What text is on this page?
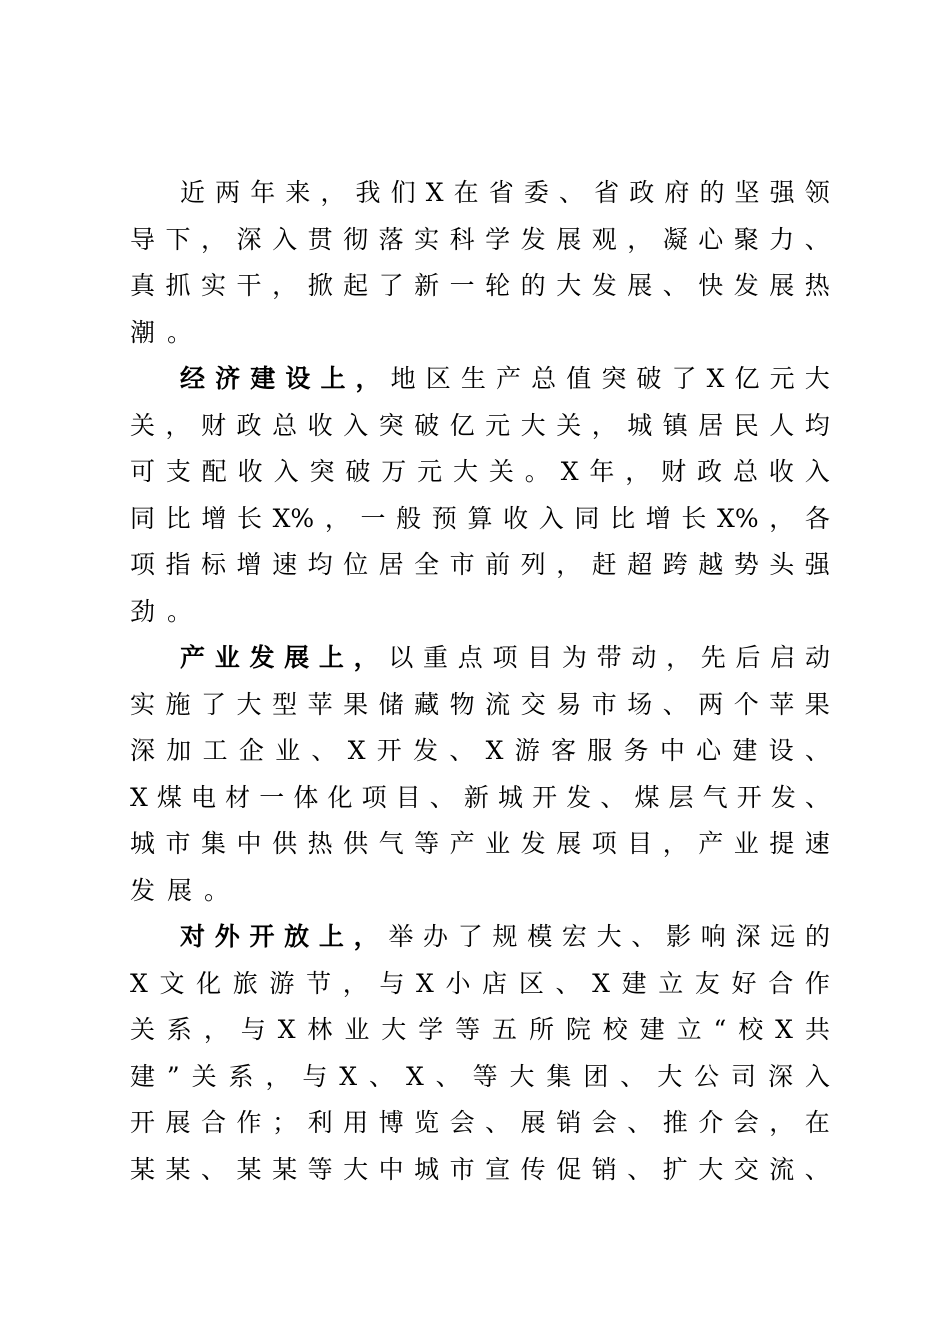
近 两 年 来 ， 我 们 X 在 省 委 、 省 政 府 的 坚 强 领
导 下 ， 深 入 贯 彻 落 实 科 学 发 展 观 ， 凝 心 聚 力 、
真 抓 实 干 ， 掀 起 了 新 一 轮 的 大 发 展 、 快 发 展 热
潮。
经 济 建 设 上 ， 地 区 生 产 总 值 突 破 了 X 亿 元 大
关 ， 财 政 总 收 入 突 破 亿 元 大 关 ， 城 镇 居 民 人 均
可 支 配 收 入 突 破 万 元 大 关 。 X 年 ， 财 政 总 收 入
同 比 增 长 X% ， 一 般 预 算 收 入 同 比 增 长 X% ， 各
项 指 标 增 速 均 位 居 全 市 前 列 ， 赶 超 跨 越 势 头 强
劲。
产 业 发 展 上 ， 以 重 点 项 目 为 带 动 ， 先 后 启 动
实 施 了 大 型 苹 果 储 藏 物 流 交 易 市 场 、 两 个 苹 果
深 加 工 企 业 、 X 开 发 、 X 游 客 服 务 中 心 建 设 、
X 煤 电 材 一 体 化 项 目 、 新 城 开 发 、 煤 层 气 开 发 、
城 市 集 中 供 热 供 气 等 产 业 发 展 项 目 ， 产 业 提 速
发展。
对 外 开 放 上 ， 举 办 了 规 模 宏 大 、 影 响 深 远 的
X 文 化 旅 游 节 ， 与 X 小 店 区 、 X 建 立 友 好 合 作
关 系 ， 与 X 林 业 大 学 等 五 所 院 校 建 立 “ 校 X 共
建 ” 关 系 ， 与 X 、 X 、 等 大 集 团 、 大 公 司 深 入
开 展 合 作 ； 利 用 博 览 会 、 展 销 会 、 推 介 会 ， 在
某 某 、 某 某 等 大 中 城 市 宣 传 促 销 、 扩 大 交 流 、
